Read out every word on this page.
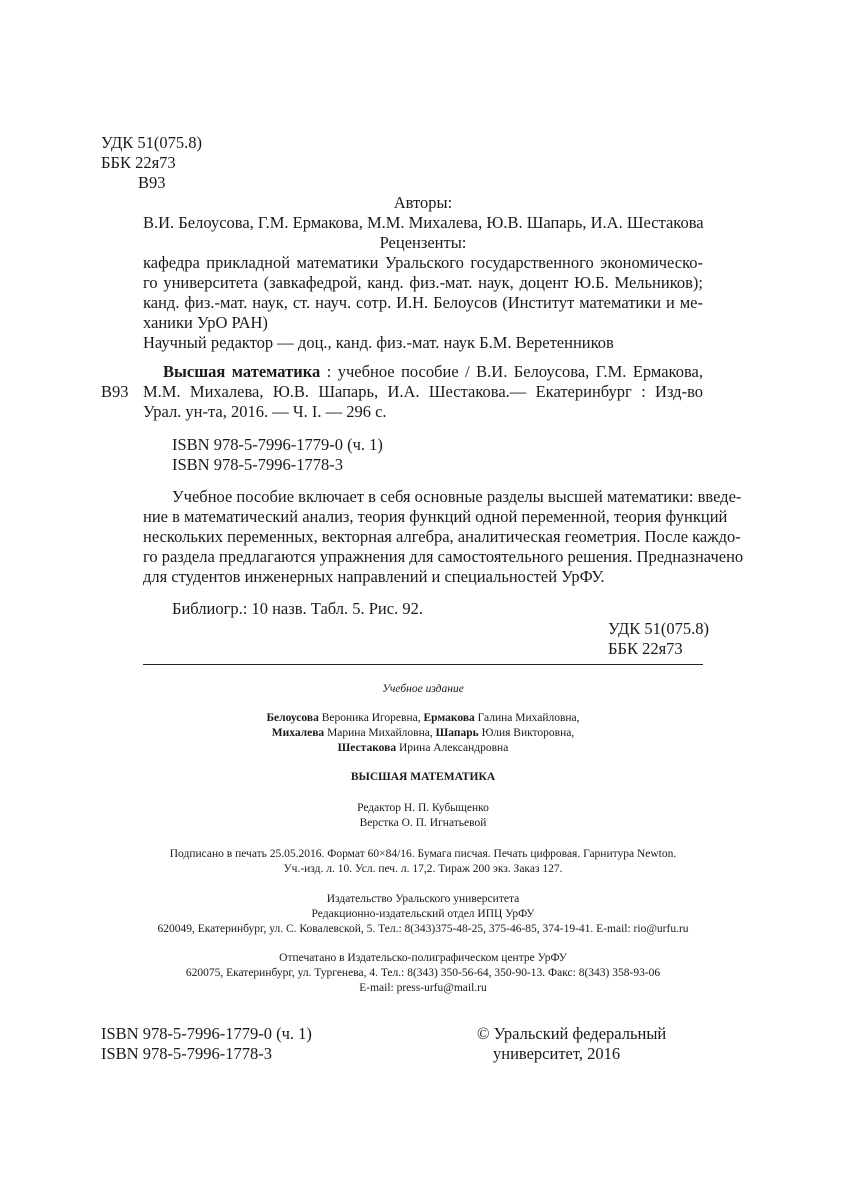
УДК 51(075.8)
ББК 22я73
В93
Авторы:
В.И. Белоусова, Г.М. Ермакова, М.М. Михалева, Ю.В. Шапарь, И.А. Шестакова
Рецензенты:
кафедра прикладной математики Уральского государственного экономическо-
го университета (завкафедрой, канд. физ.-мат. наук, доцент Ю.Б. Мельников);
канд. физ.-мат. наук, ст. науч. сотр. И.Н. Белоусов (Институт математики и ме-
ханики УрО РАН)
Научный редактор — доц., канд. физ.-мат. наук Б.М. Веретенников
Высшая математика : учебное пособие / В.И. Белоусова, Г.М. Ермакова,
В93 М.М. Михалева, Ю.В. Шапарь, И.А. Шестакова.— Екатеринбург : Изд-во
Урал. ун-та, 2016. — Ч. I. — 296 с.
ISBN 978-5-7996-1779-0 (ч. 1)
ISBN 978-5-7996-1778-3
Учебное пособие включает в себя основные разделы высшей математики: введе-
ние в математический анализ, теория функций одной переменной, теория функций
нескольких переменных, векторная алгебра, аналитическая геометрия. После каждо-
го раздела предлагаются упражнения для самостоятельного решения. Предназначено
для студентов инженерных направлений и специальностей УрФУ.
Библиогр.: 10 назв. Табл. 5. Рис. 92.
УДК 51(075.8)
ББК 22я73
Учебное издание
Белоусова Вероника Игоревна, Ермакова Галина Михайловна,
Михалева Марина Михайловна, Шапарь Юлия Викторовна,
Шестакова Ирина Александровна
ВЫСШАЯ МАТЕМАТИКА
Редактор Н. П. Кубыщенко
Верстка О. П. Игнатьевой
Подписано в печать 25.05.2016. Формат 60×84/16. Бумага писчая. Печать цифровая. Гарнитура Newton.
Уч.-изд. л. 10. Усл. печ. л. 17,2. Тираж 200 экз. Заказ 127.
Издательство Уральского университета
Редакционно-издательский отдел ИПЦ УрФУ
620049, Екатеринбург, ул. С. Ковалевской, 5. Тел.: 8(343)375-48-25, 375-46-85, 374-19-41. E-mail: rio@urfu.ru
Отпечатано в Издательско-полиграфическом центре УрФУ
620075, Екатеринбург, ул. Тургенева, 4. Тел.: 8(343) 350-56-64, 350-90-13. Факс: 8(343) 358-93-06
E-mail: press-urfu@mail.ru
ISBN 978-5-7996-1779-0 (ч. 1)
ISBN 978-5-7996-1778-3
© Уральский федеральный
университет, 2016
